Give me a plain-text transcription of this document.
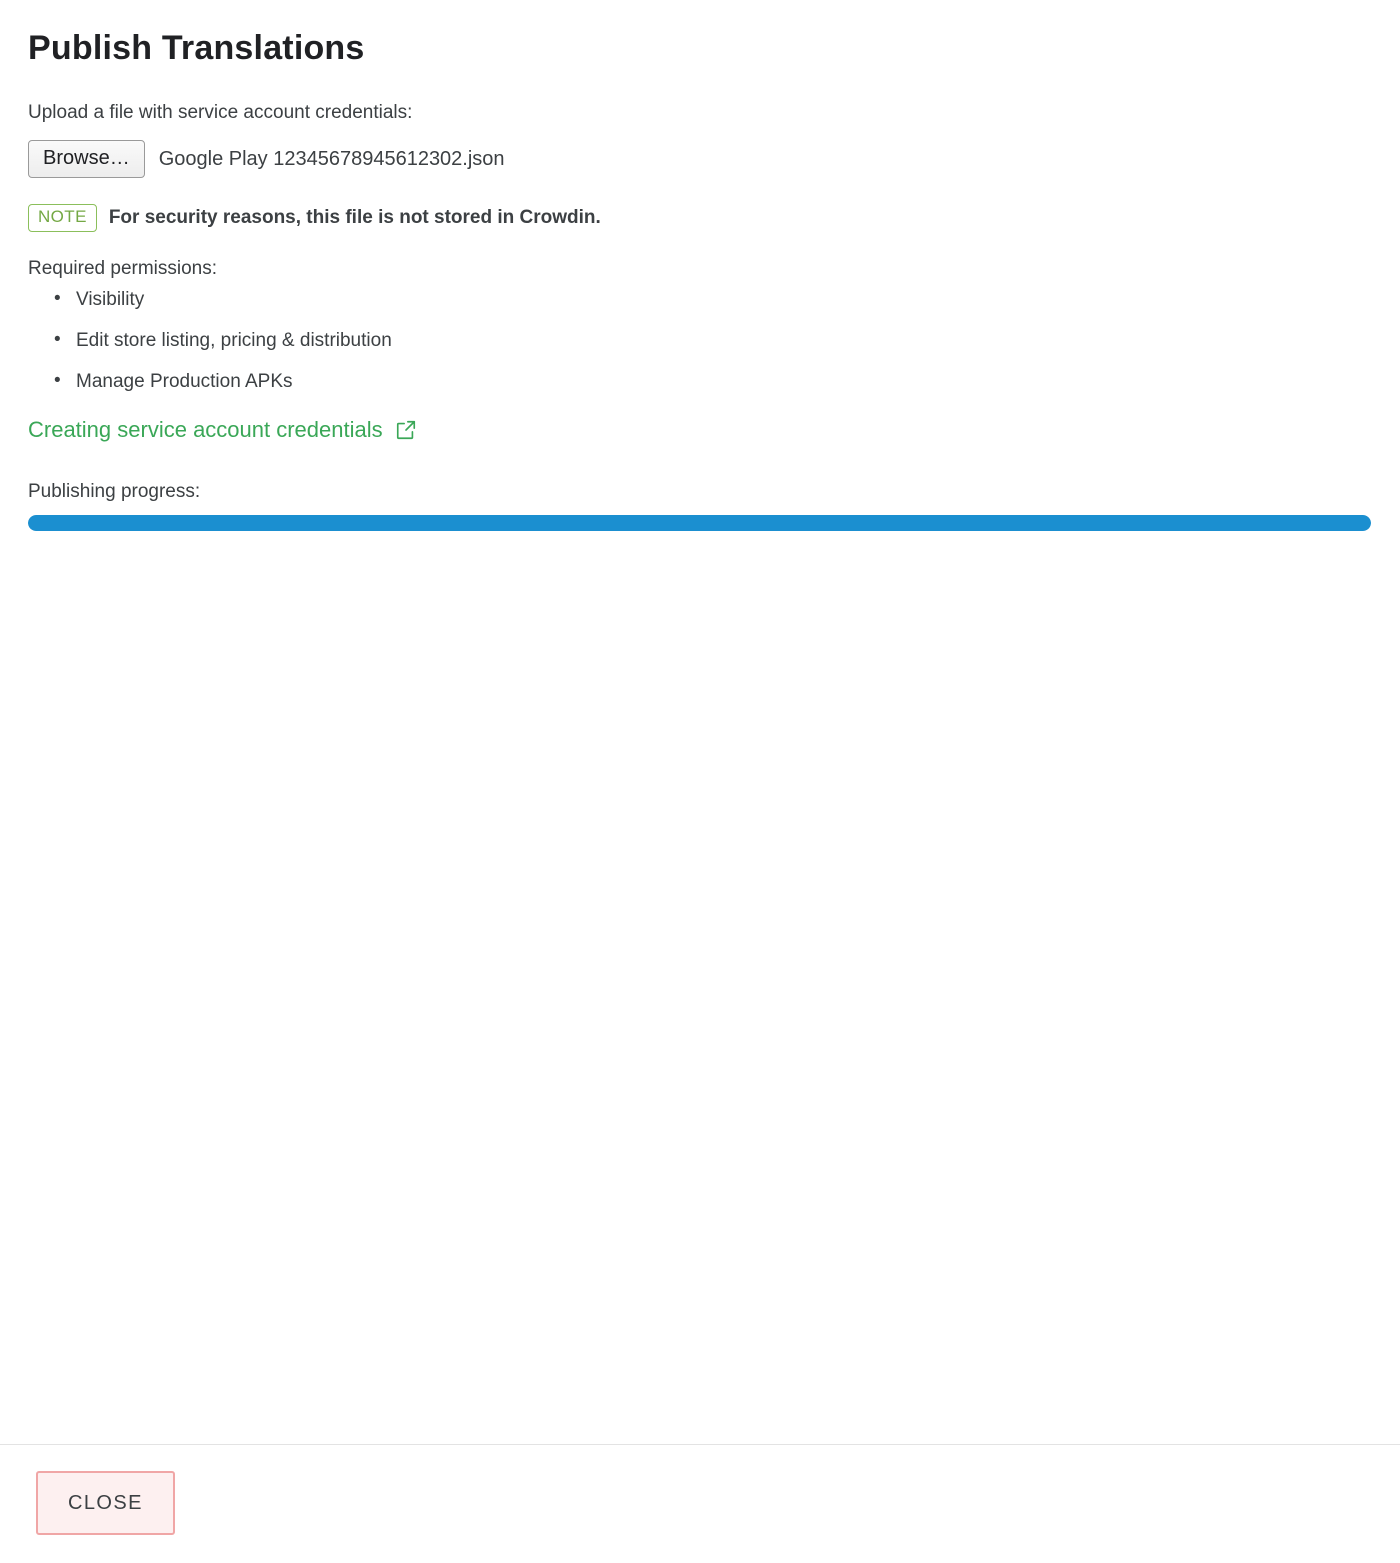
Publish Translations
Upload a file with service account credentials:
Browse…	Google Play 12345678945612302.json
NOTE	For security reasons, this file is not stored in Crowdin.
Required permissions:
• Visibility
• Edit store listing, pricing & distribution
• Manage Production APKs
Creating service account credentials
Publishing progress:
CLOSE
